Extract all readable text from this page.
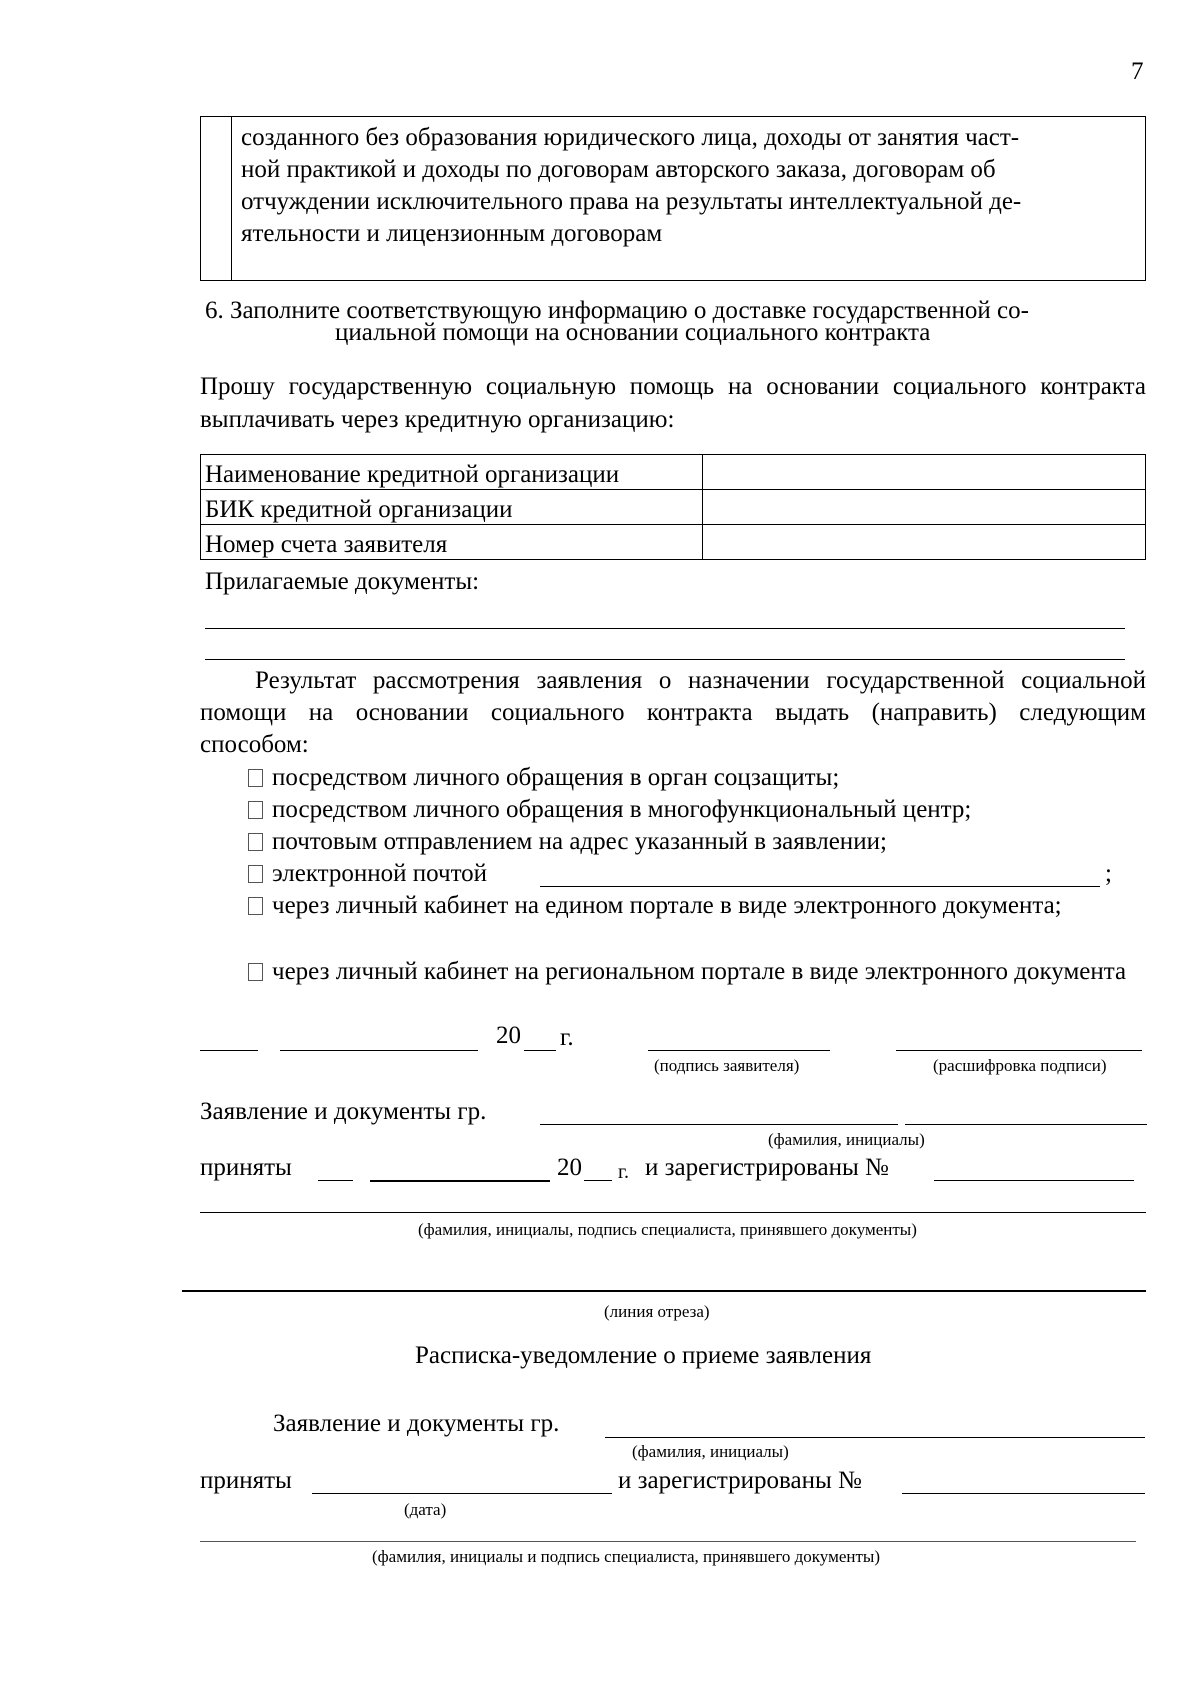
7
созданного без образования юридического лица, доходы от занятия част-
ной практикой и доходы по договорам авторского заказа, договорам об
отчуждении исключительного права на результаты интеллектуальной де-
ятельности и лицензионным договорам
6. Заполните соответствующую информацию о доставке государственной со-
циальной помощи на основании социального контракта
Прошу государственную социальную помощь на основании социального контракта выплачивать через кредитную организацию:
Наименование кредитной организации	
БИК кредитной организации	
Номер счета заявителя	
Прилагаемые документы:
Результат рассмотрения заявления о назначении государственной социальной помощи на основании социального контракта выдать (направить) следующим способом:
посредством личного обращения в орган соцзащиты;
посредством личного обращения в многофункциональный центр;
почтовым отправлением на адрес указанный в заявлении;
электронной почтой	;
через личный кабинет на едином портале в виде электронного документа;
через личный кабинет на региональном портале в виде электронного документа
20 г.
(подпись заявителя)	(расшифровка подписи)
Заявление и документы гр.
(фамилия, инициалы)
приняты	20 г. и зарегистрированы №
(фамилия, инициалы, подпись специалиста, принявшего документы)
(линия отреза)
Расписка-уведомление о приеме заявления
Заявление и документы гр.
(фамилия, инициалы)
приняты	и зарегистрированы №
(дата)
(фамилия, инициалы и подпись специалиста, принявшего документы)
